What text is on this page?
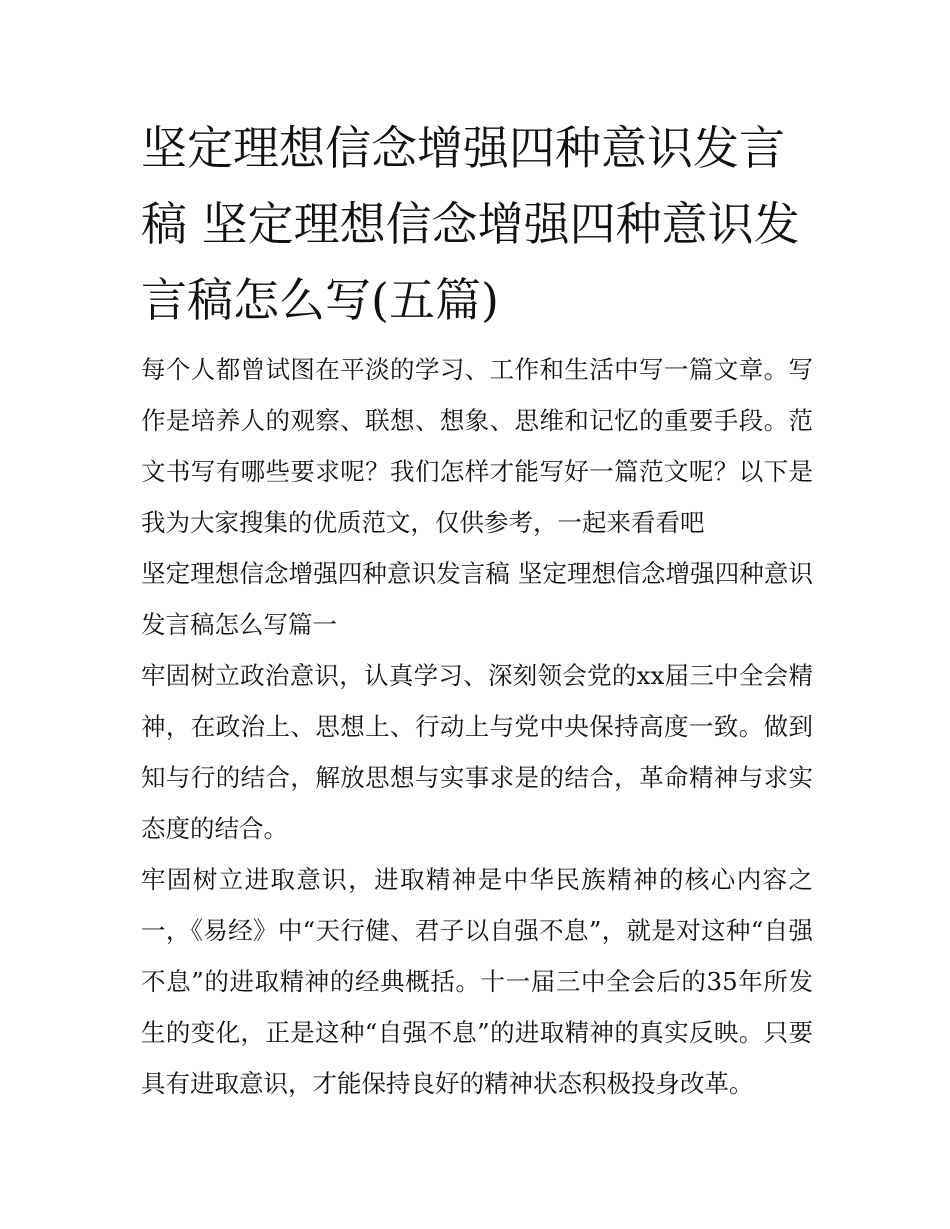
坚定理想信念增强四种意识发言稿 坚定理想信念增强四种意识发言稿怎么写(五篇)

每个人都曾试图在平淡的学习、工作和生活中写一篇文章。写作是培养人的观察、联想、想象、思维和记忆的重要手段。范文书写有哪些要求呢？我们怎样才能写好一篇范文呢？以下是我为大家搜集的优质范文，仅供参考，一起来看看吧

坚定理想信念增强四种意识发言稿 坚定理想信念增强四种意识发言稿怎么写篇一

牢固树立政治意识，认真学习、深刻领会党的xx届三中全会精神，在政治上、思想上、行动上与党中央保持高度一致。做到知与行的结合，解放思想与实事求是的结合，革命精神与求实态度的结合。

牢固树立进取意识，进取精神是中华民族精神的核心内容之一，《易经》中“天行健、君子以自强不息”，就是对这种“自强不息”的进取精神的经典概括。十一届三中全会后的35年所发生的变化，正是这种“自强不息”的进取精神的真实反映。只要具有进取意识，才能保持良好的精神状态积极投身改革。
